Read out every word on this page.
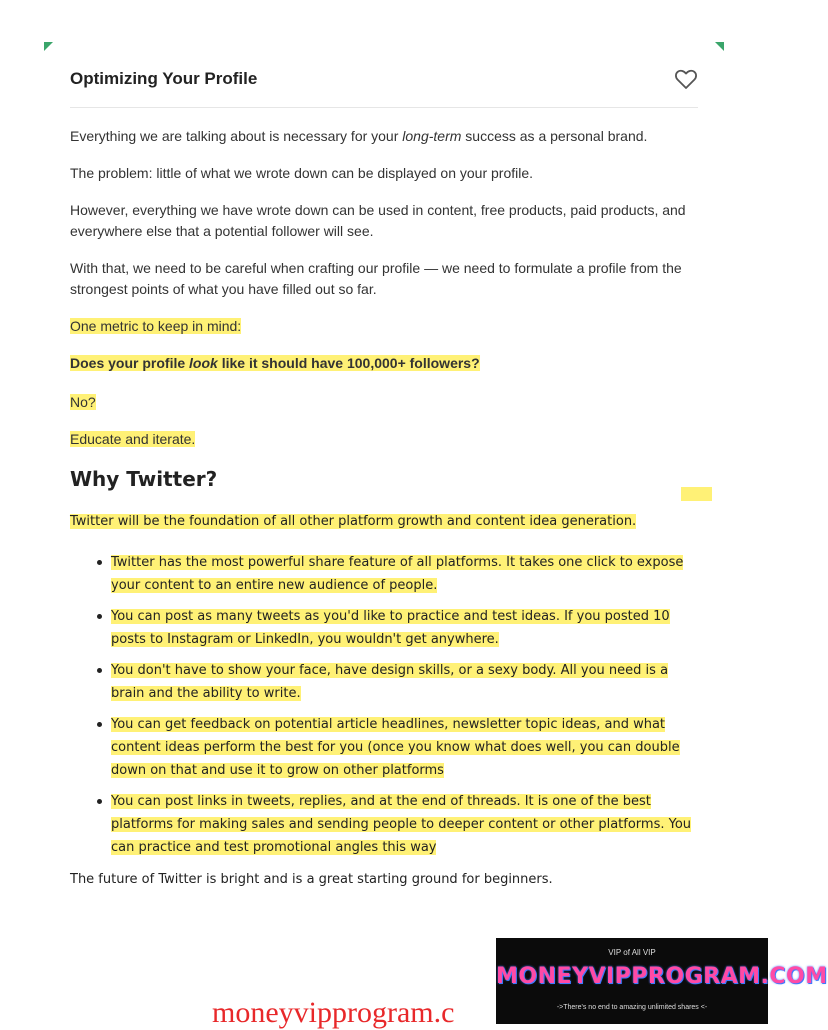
Optimizing Your Profile

Everything we are talking about is necessary for your long-term success as a personal brand.

The problem: little of what we wrote down can be displayed on your profile.

However, everything we have wrote down can be used in content, free products, paid products, and everywhere else that a potential follower will see.

With that, we need to be careful when crafting our profile — we need to formulate a profile from the strongest points of what you have filled out so far.

One metric to keep in mind:

Does your profile look like it should have 100,000+ followers?

No?

Educate and iterate.

Why Twitter?

Twitter will be the foundation of all other platform growth and content idea generation.

Twitter has the most powerful share feature of all platforms. It takes one click to expose your content to an entire new audience of people.
You can post as many tweets as you'd like to practice and test ideas. If you posted 10 posts to Instagram or LinkedIn, you wouldn't get anywhere.
You don't have to show your face, have design skills, or a sexy body. All you need is a brain and the ability to write.
You can get feedback on potential article headlines, newsletter topic ideas, and what content ideas perform the best for you (once you know what does well, you can double down on that and use it to grow on other platforms
You can post links in tweets, replies, and at the end of threads. It is one of the best platforms for making sales and sending people to deeper content or other platforms. You can practice and test promotional angles this way

The future of Twitter is bright and is a great starting ground for beginners.

moneyvipprogram.c
VIP of All VIP
MONEYVIPPROGRAM.COM
->There's no end to amazing unlimited shares <-
